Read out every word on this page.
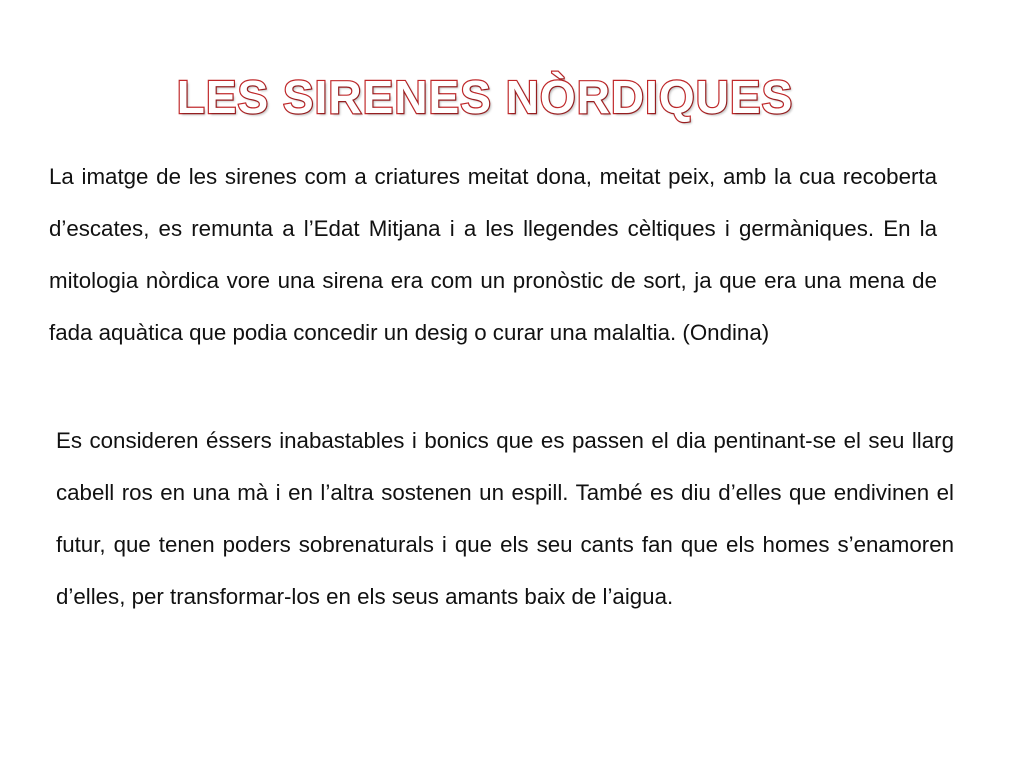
LES SIRENES NÒRDIQUES

La imatge de les sirenes com a criatures meitat dona, meitat peix, amb la cua recoberta d’escates, es remunta a l’Edat Mitjana i a les llegendes cèltiques i germàniques. En la mitologia nòrdica vore una sirena era com un pronòstic de sort, ja que era una mena de fada aquàtica que podia concedir un desig o curar una malaltia. (Ondina)

Es consideren éssers inabastables i bonics que es passen el dia pentinant-se el seu llarg cabell ros en una mà i en l’altra sostenen un espill. També es diu d’elles que endivinen el futur, que tenen poders sobrenaturals i que els seu cants fan que els homes s’enamoren d’elles, per transformar-los en els seus amants baix de l’aigua.
